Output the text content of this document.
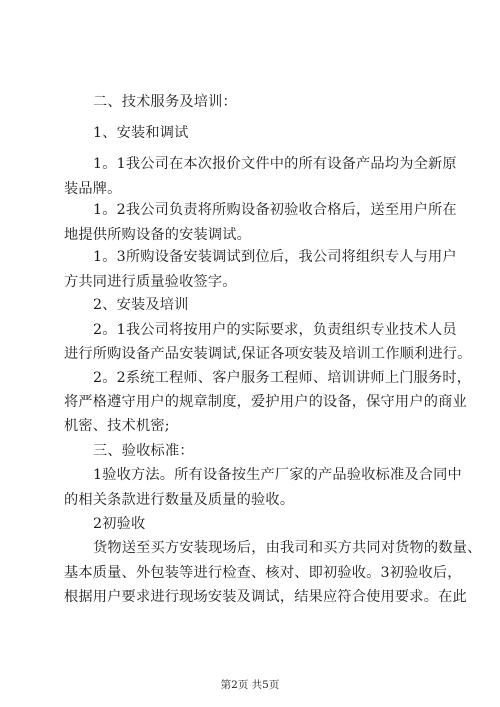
二、技术服务及培训：
1、安装和调试
1。1我公司在本次报价文件中的所有设备产品均为全新原
装品牌。
1。2我公司负责将所购设备初验收合格后，送至用户所在
地提供所购设备的安装调试。
1。3所购设备安装调试到位后，我公司将组织专人与用户
方共同进行质量验收签字。
2、安装及培训
2。1我公司将按用户的实际要求，负责组织专业技术人员
进行所购设备产品安装调试,保证各项安装及培训工作顺利进行。
2。2系统工程师、客户服务工程师、培训讲师上门服务时，
将严格遵守用户的规章制度，爱护用户的设备，保守用户的商业
机密、技术机密;
三、验收标准：
1验收方法。所有设备按生产厂家的产品验收标准及合同中
的相关条款进行数量及质量的验收。
2初验收
货物送至买方安装现场后，由我司和买方共同对货物的数量、
基本质量、外包装等进行检查、核对、即初验收。3初验收后，
根据用户要求进行现场安装及调试，结果应符合使用要求。在此
第2页 共5页
